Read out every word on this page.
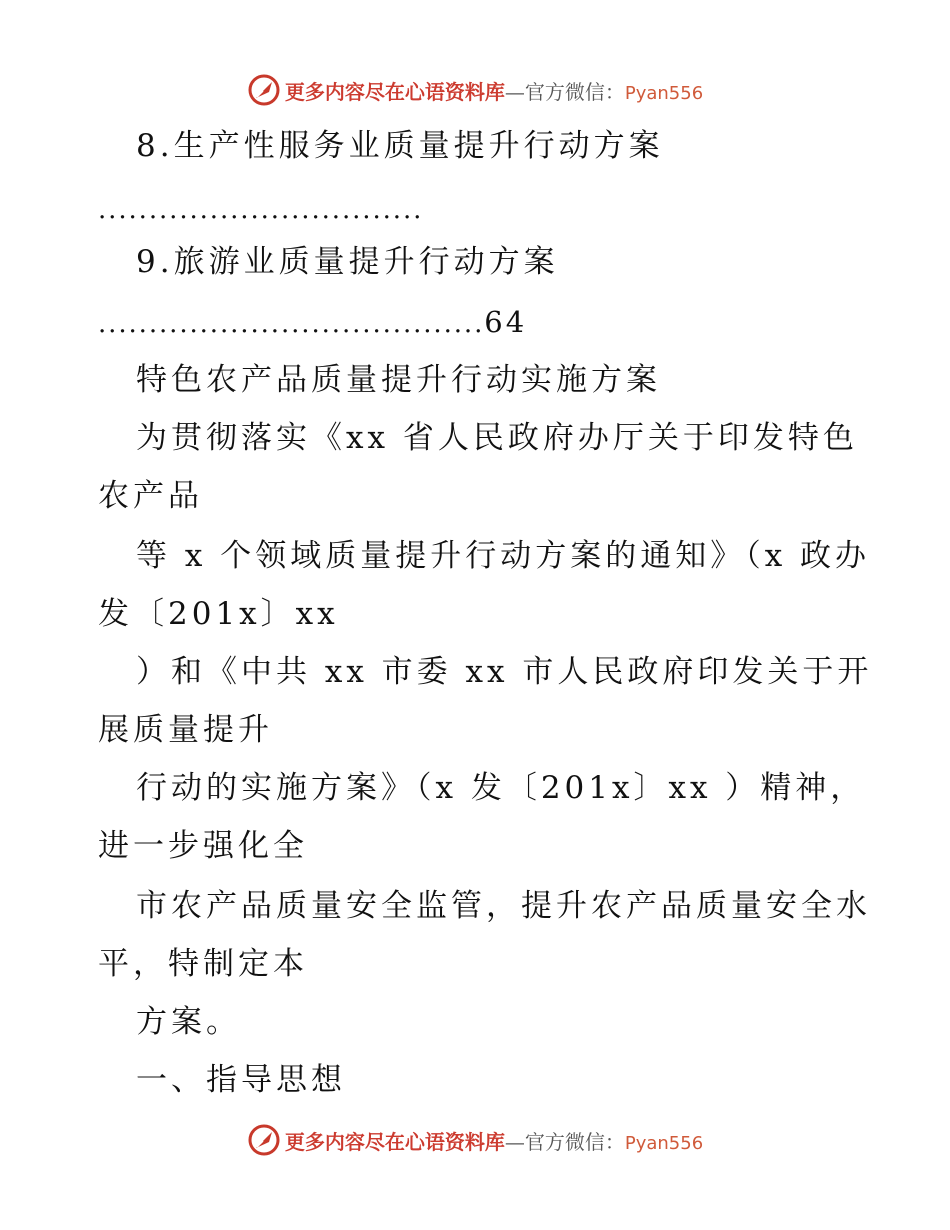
更多内容尽在心语资料库—官方微信：Pyan556
8.生产性服务业质量提升行动方案
................................
9.旅游业质量提升行动方案
......................................64
特色农产品质量提升行动实施方案
为贯彻落实《xx 省人民政府办厅关于印发特色
农产品
等 x 个领域质量提升行动方案的通知》（x 政办
发〔201x〕xx
）和《中共 xx 市委 xx 市人民政府印发关于开
展质量提升
行动的实施方案》（x 发〔201x〕xx ）精神，
进一步强化全
市农产品质量安全监管，提升农产品质量安全水
平，特制定本
方案。
一、指导思想
更多内容尽在心语资料库—官方微信：Pyan556
